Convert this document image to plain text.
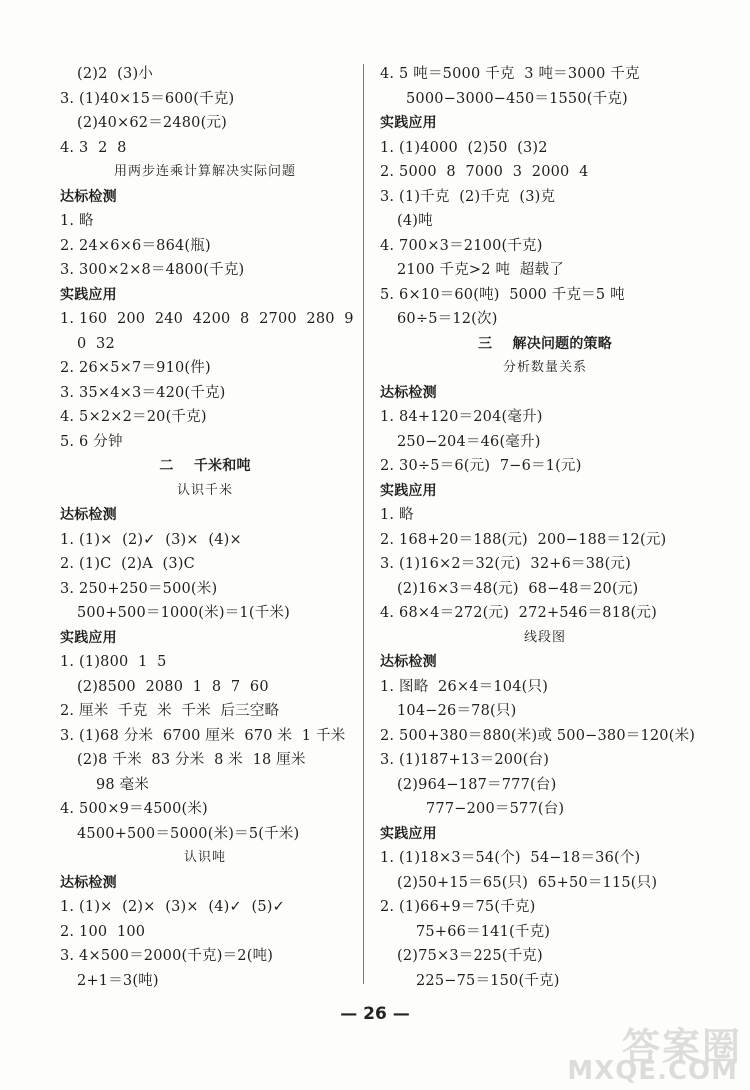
(2)2  (3)小
3. (1)40×15＝600(千克)
(2)40×62＝2480(元)
4. 3  2  8
用两步连乘计算解决实际问题
达标检测
1. 略
2. 24×6×6＝864(瓶)
3. 300×2×8＝4800(千克)
实践应用
1. 160  200  240  4200  8  2700  280  9
0  32
2. 26×5×7＝910(件)
3. 35×4×3＝420(千克)
4. 5×2×2＝20(千克)
5. 6 分钟
二    千米和吨
认识千米
达标检测
1. (1)×  (2)✓  (3)×  (4)×
2. (1)C  (2)A  (3)C
3. 250+250＝500(米)
500+500＝1000(米)＝1(千米)
实践应用
1. (1)800  1  5
(2)8500  2080  1  8  7  60
2. 厘米  千克  米  千米  后三空略
3. (1)68 分米  6700 厘米  670 米  1 千米
(2)8 千米  83 分米  8 米  18 厘米
98 毫米
4. 500×9＝4500(米)
4500+500＝5000(米)＝5(千米)
认识吨
达标检测
1. (1)×  (2)×  (3)×  (4)✓  (5)✓
2. 100  100
3. 4×500＝2000(千克)＝2(吨)
2+1＝3(吨)
4. 5 吨＝5000 千克  3 吨＝3000 千克
5000−3000−450＝1550(千克)
实践应用
1. (1)4000  (2)50  (3)2
2. 5000  8  7000  3  2000  4
3. (1)千克  (2)千克  (3)克
(4)吨
4. 700×3＝2100(千克)
2100 千克>2 吨  超载了
5. 6×10＝60(吨)  5000 千克＝5 吨
60÷5＝12(次)
三    解决问题的策略
分析数量关系
达标检测
1. 84+120＝204(毫升)
250−204＝46(毫升)
2. 30÷5＝6(元)  7−6＝1(元)
实践应用
1. 略
2. 168+20＝188(元)  200−188＝12(元)
3. (1)16×2＝32(元)  32+6＝38(元)
(2)16×3＝48(元)  68−48＝20(元)
4. 68×4＝272(元)  272+546＝818(元)
线段图
达标检测
1. 图略  26×4＝104(只)
104−26＝78(只)
2. 500+380＝880(米)或 500−380＝120(米)
3. (1)187+13＝200(台)
(2)964−187＝777(台)
777−200＝577(台)
实践应用
1. (1)18×3＝54(个)  54−18＝36(个)
(2)50+15＝65(只)  65+50＝115(只)
2. (1)66+9＝75(千克)
75+66＝141(千克)
(2)75×3＝225(千克)
225−75＝150(千克)
— 26 —
答案圈
MXQE.COM
